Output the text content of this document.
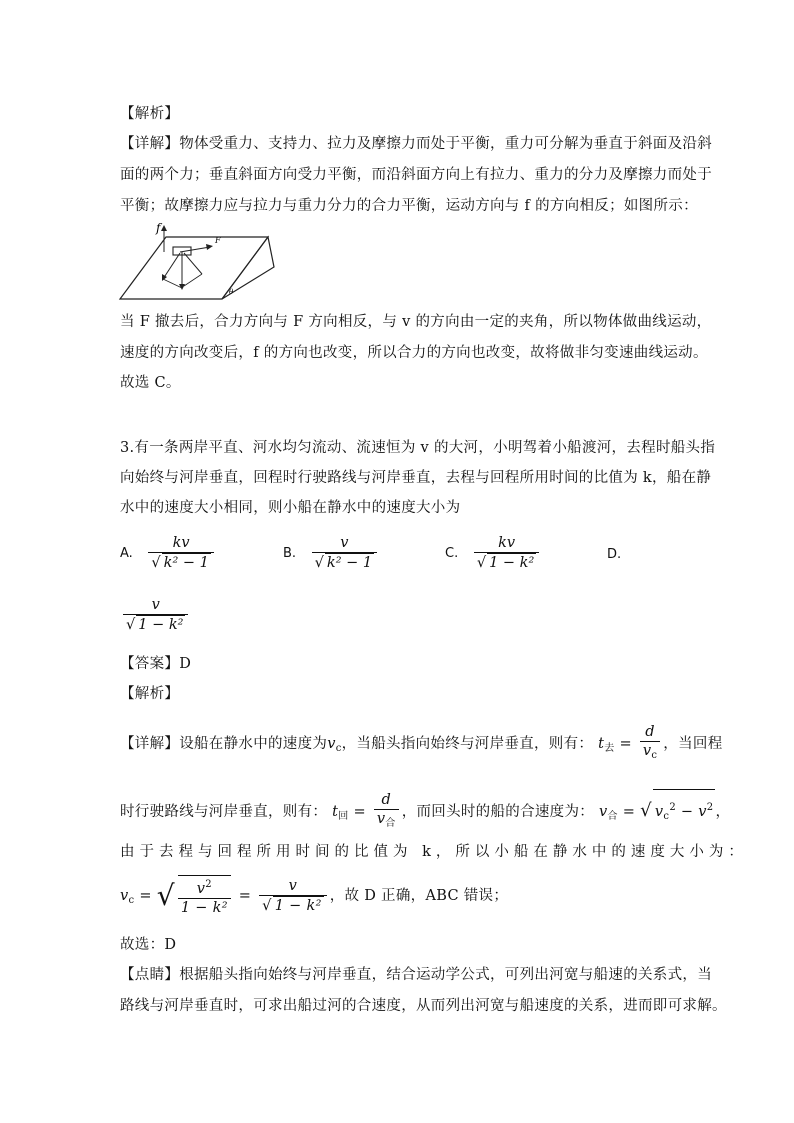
【解析】
【详解】物体受重力、支持力、拉力及摩擦力而处于平衡，重力可分解为垂直于斜面及沿斜
面的两个力；垂直斜面方向受力平衡，而沿斜面方向上有拉力、重力的分力及摩擦力而处于
平衡；故摩擦力应与拉力与重力分力的合力平衡，运动方向与 f 的方向相反；如图所示：
f
F
θ
当 F 撤去后，合力方向与 F 方向相反，与 v 的方向由一定的夹角，所以物体做曲线运动，
速度的方向改变后，f 的方向也改变，所以合力的方向也改变，故将做非匀变速曲线运动。
故选 C。
3.有一条两岸平直、河水均匀流动、流速恒为 v 的大河，小明驾着小船渡河，去程时船头指
向始终与河岸垂直，回程时行驶路线与河岸垂直，去程与回程所用时间的比值为 k，船在静
水中的速度大小相同，则小船在静水中的速度大小为
A. $\frac{kv}{\text{√ k² − 1}}$	B. $\frac{v}{\text{√ k² − 1}}$	C. $\frac{kv}{\text{√ 1 − k²}}$	D.
$\frac{v}{\text{√ 1 − k²}}$
【答案】D
【解析】
【详解】设船在静水中的速度为$v_c$，当船头指向始终与河岸垂直，则有： $t_去 = \frac{d}{v_c}$ ，当回程
时行驶路线与河岸垂直，则有： $t_回 = \frac{d}{v_合}$ ，而回头时的船的合速度为： $v_合$ = √ $v_c^2 - v^2$ ，
由于去程与回程所用时间的比值为 k，所以小船在静水中的速度大小为：
$v_c$ = √ $\frac{v^2}{\text{1 − k²}} = \frac{v}{\text{√ 1 − k²}}$ ，故 D 正确，ABC 错误；
故选：D
【点睛】根据船头指向始终与河岸垂直，结合运动学公式，可列出河宽与船速的关系式，当
路线与河岸垂直时，可求出船过河的合速度，从而列出河宽与船速度的关系，进而即可求解。
